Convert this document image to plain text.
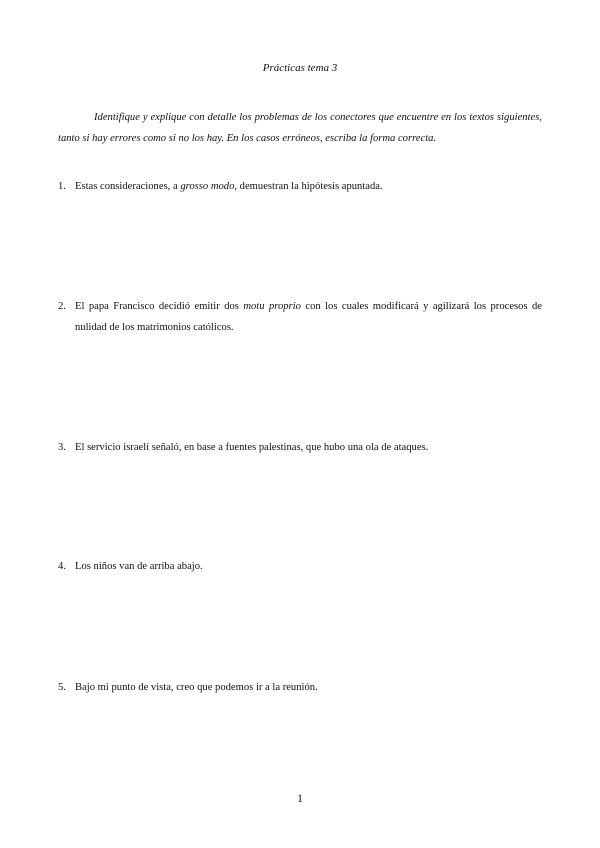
Prácticas tema 3
Identifique y explique con detalle los problemas de los conectores que encuentre en los textos siguientes, tanto si hay errores como si no los hay. En los casos erróneos, escriba la forma correcta.
1. Estas consideraciones, a grosso modo, demuestran la hipótesis apuntada.
2. El papa Francisco decidió emitir dos motu proprio con los cuales modificará y agilizará los procesos de nulidad de los matrimonios católicos.
3. El servicio israelí señaló, en base a fuentes palestinas, que hubo una ola de ataques.
4. Los niños van de arriba abajo.
5. Bajo mi punto de vista, creo que podemos ir a la reunión.
1
